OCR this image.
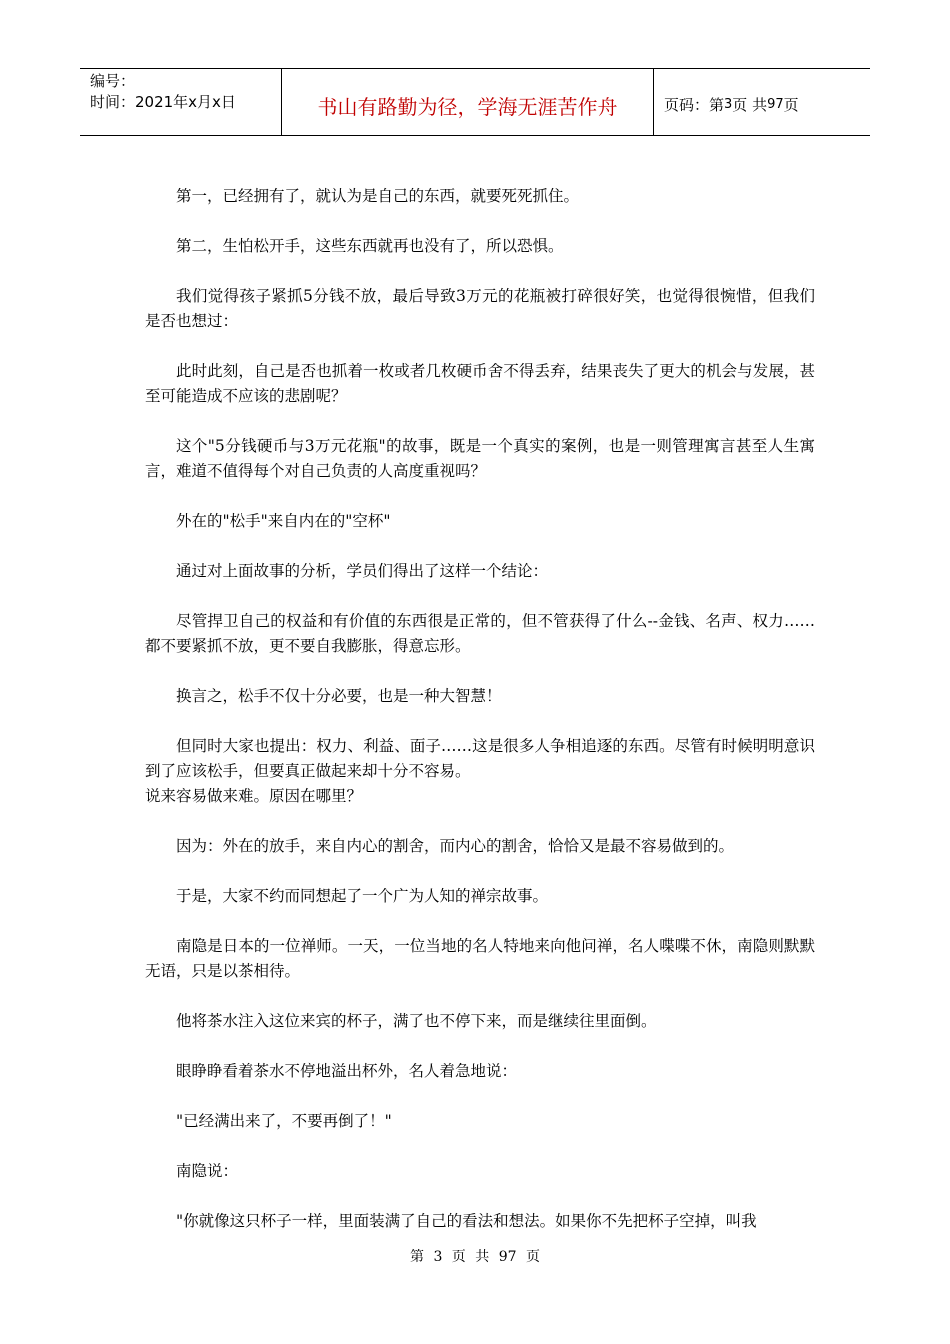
编号：
时间：2021年x月x日	书山有路勤为径，学海无涯苦作舟	页码：第 3 页 共 97 页

第一，已经拥有了，就认为是自己的东西，就要死死抓住。

第二，生怕松开手，这些东西就再也没有了，所以恐惧。

我们觉得孩子紧抓5分钱不放，最后导致3万元的花瓶被打碎很好笑，也觉得很惋惜，但我们是否也想过：

此时此刻，自己是否也抓着一枚或者几枚硬币舍不得丢弃，结果丧失了更大的机会与发展，甚至可能造成不应该的悲剧呢？

这个"5分钱硬币与3万元花瓶"的故事，既是一个真实的案例，也是一则管理寓言甚至人生寓言，难道不值得每个对自己负责的人高度重视吗？

外在的"松手"来自内在的"空杯"

通过对上面故事的分析，学员们得出了这样一个结论：

尽管捍卫自己的权益和有价值的东西很是正常的，但不管获得了什么--金钱、名声、权力……都不要紧抓不放，更不要自我膨胀，得意忘形。

换言之，松手不仅十分必要，也是一种大智慧！

但同时大家也提出：权力、利益、面子……这是很多人争相追逐的东西。尽管有时候明明意识到了应该松手，但要真正做起来却十分不容易。

说来容易做来难。原因在哪里？

因为：外在的放手，来自内心的割舍，而内心的割舍，恰恰又是最不容易做到的。

于是，大家不约而同想起了一个广为人知的禅宗故事。

南隐是日本的一位禅师。一天，一位当地的名人特地来向他问禅，名人喋喋不休，南隐则默默无语，只是以茶相待。

他将茶水注入这位来宾的杯子，满了也不停下来，而是继续往里面倒。

眼睁睁看着茶水不停地溢出杯外，名人着急地说：

"已经满出来了，不要再倒了！"

南隐说：

"你就像这只杯子一样，里面装满了自己的看法和想法。如果你不先把杯子空掉，叫我

第 3 页 共 97 页
